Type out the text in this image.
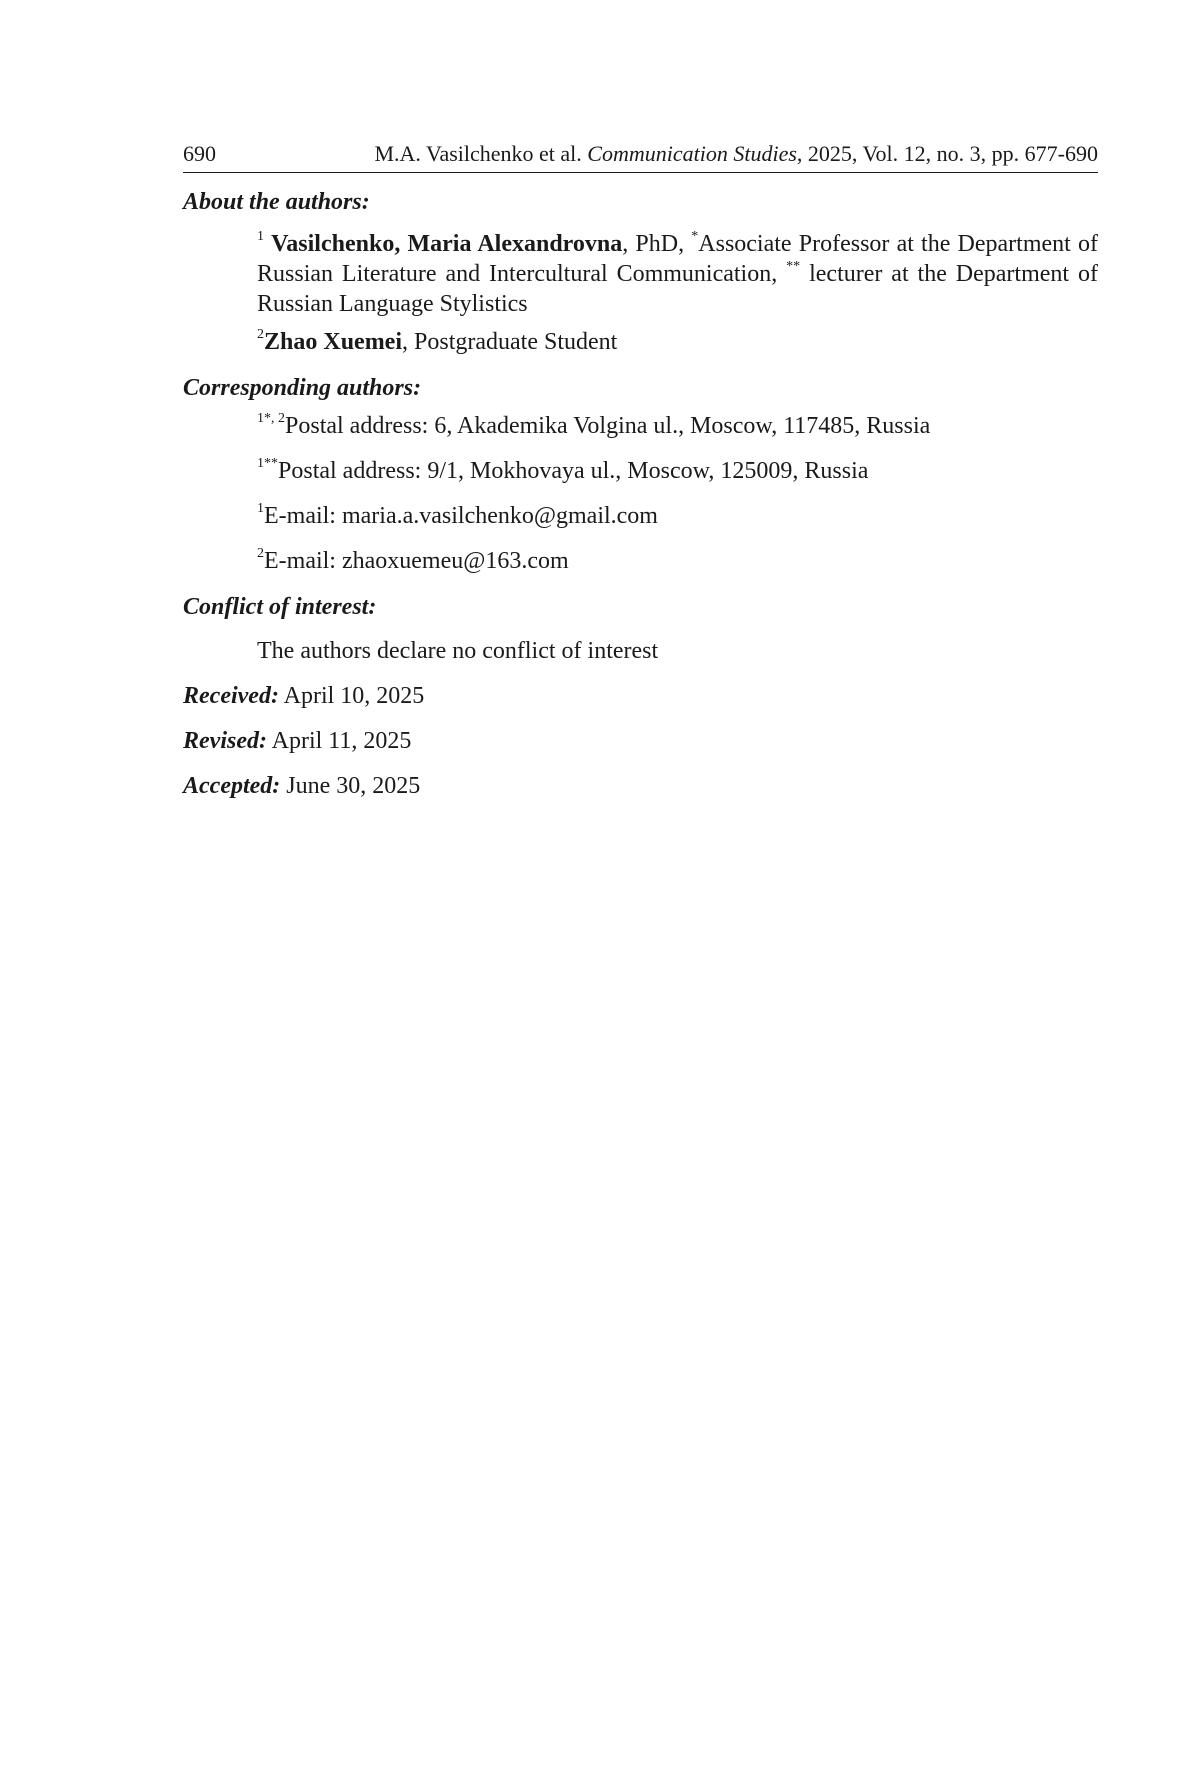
690	M.A. Vasilchenko et al. Communication Studies, 2025, Vol. 12, no. 3, pp. 677-690

About the authors:

$^1$ Vasilchenko, Maria Alexandrovna, PhD, *Associate Professor at the Department of Russian Literature and Intercultural Communication, ** lecturer at the Department of Russian Language Stylistics

$^2$Zhao Xuemei, Postgraduate Student

Corresponding authors:

$^{1*, 2}$Postal address: 6, Akademika Volgina ul., Moscow, 117485, Russia

$^{1**}$Postal address: 9/1, Mokhovaya ul., Moscow, 125009, Russia

$^1$E-mail: maria.a.vasilchenko@gmail.com

$^2$E-mail: zhaoxuemeu@163.com

Conflict of interest:

The authors declare no conflict of interest

Received: April 10, 2025

Revised: April 11, 2025

Accepted: June 30, 2025
